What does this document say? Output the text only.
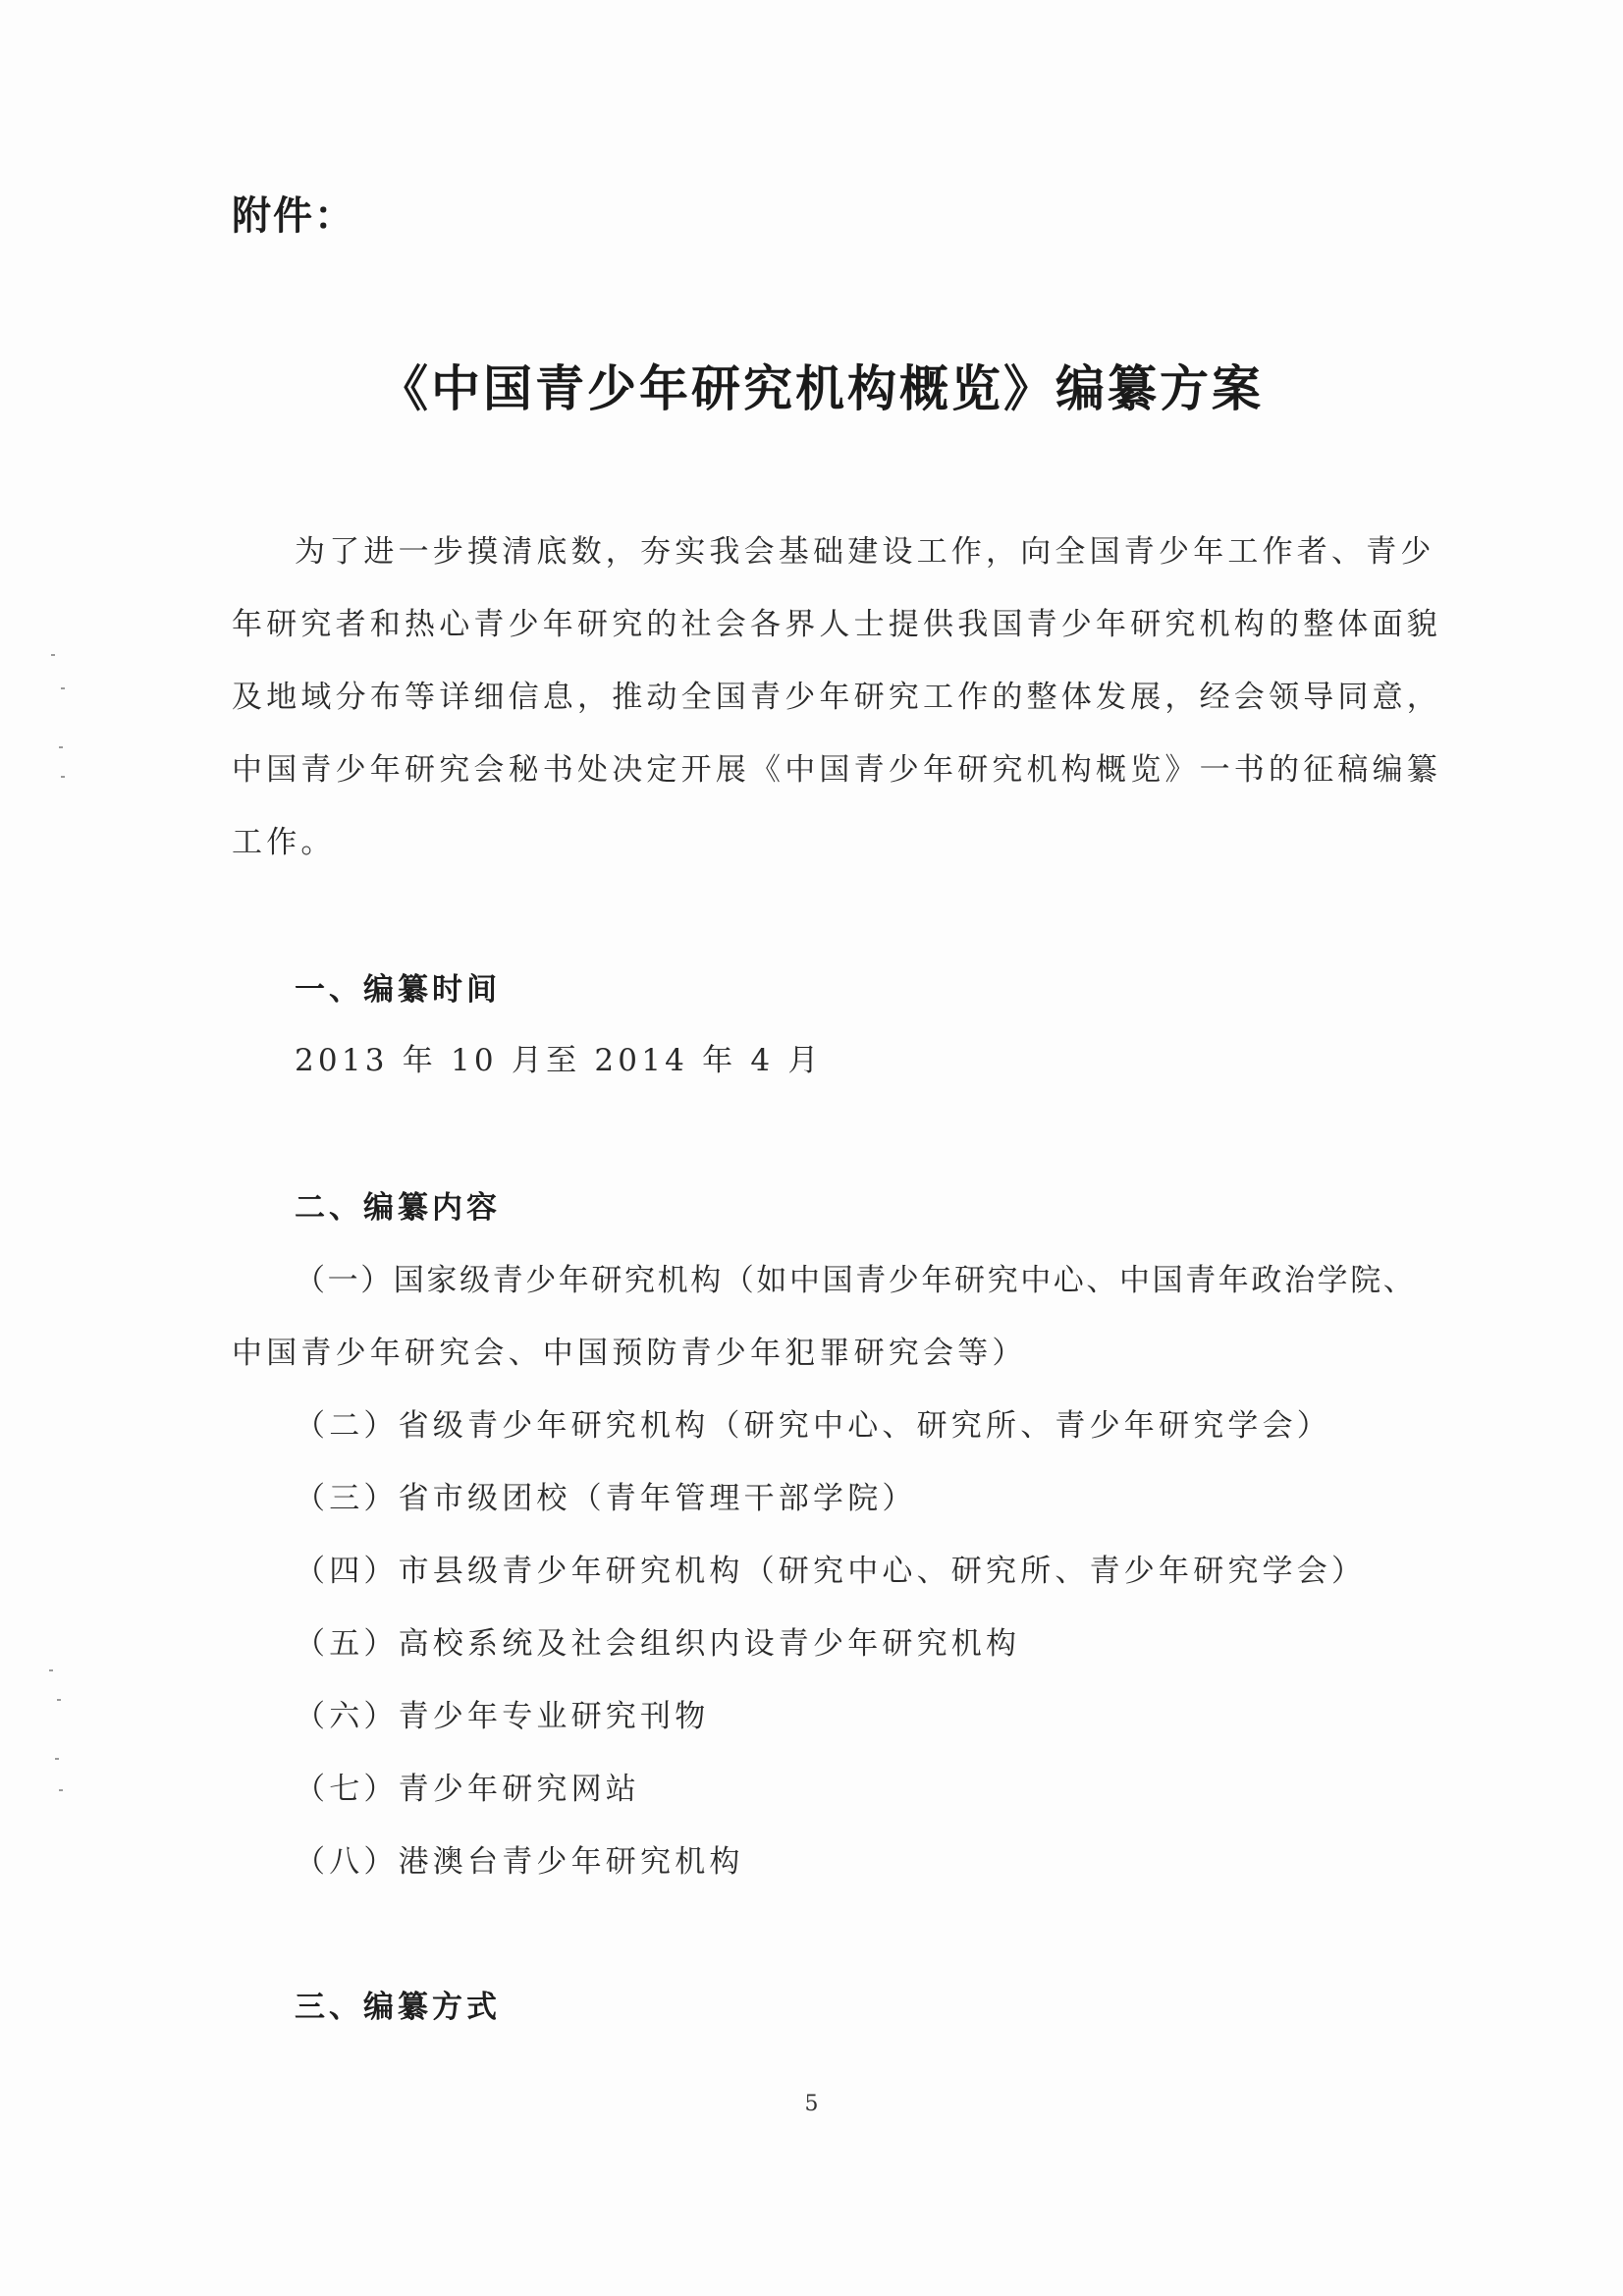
附件：
《中国青少年研究机构概览》编纂方案

为了进一步摸清底数，夯实我会基础建设工作，向全国青少年工作者、青少

年研究者和热心青少年研究的社会各界人士提供我国青少年研究机构的整体面貌

及地域分布等详细信息，推动全国青少年研究工作的整体发展，经会领导同意，

中国青少年研究会秘书处决定开展《中国青少年研究机构概览》一书的征稿编纂

工作。

一、编纂时间

2013 年 10 月至 2014 年 4 月

二、编纂内容

（一）国家级青少年研究机构（如中国青少年研究中心、中国青年政治学院、

中国青少年研究会、中国预防青少年犯罪研究会等）

（二）省级青少年研究机构（研究中心、研究所、青少年研究学会）

（三）省市级团校（青年管理干部学院）

（四）市县级青少年研究机构（研究中心、研究所、青少年研究学会）

（五）高校系统及社会组织内设青少年研究机构

（六）青少年专业研究刊物

（七）青少年研究网站

（八）港澳台青少年研究机构

三、编纂方式
5
